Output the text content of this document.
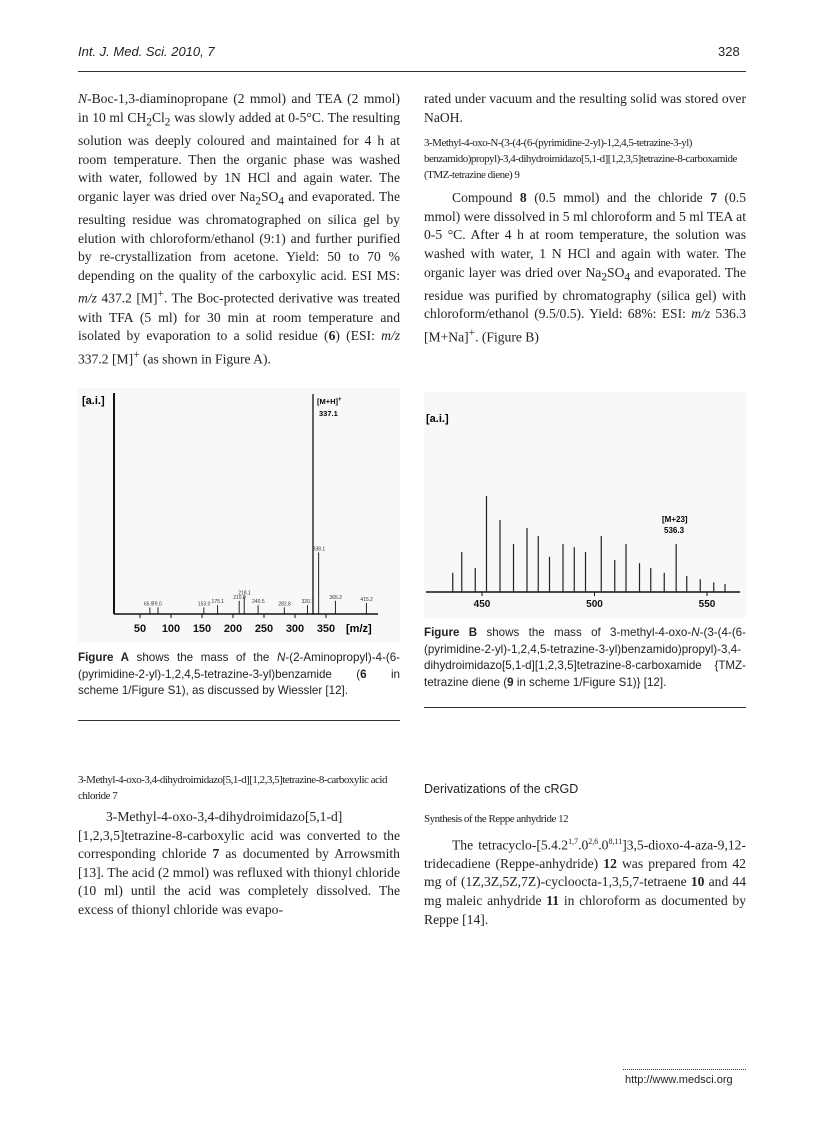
Int. J. Med. Sci. 2010, 7	328

N-Boc-1,3-diaminopropane (2 mmol) and TEA (2 mmol) in 10 ml $CH_2Cl_2$ was slowly added at 0-5°C. The resulting solution was deeply coloured and maintained for 4 h at room temperature. Then the organic phase was washed with water, followed by 1N HCl and again water. The organic layer was dried over $Na_2SO_4$ and evaporated. The resulting residue was chromatographed on silica gel by elution with chloroform/ethanol (9:1) and further purified by re-crystallization from acetone. Yield: 50 to 70 % depending on the quality of the carboxylic acid. ESI MS: m/z 437.2 [M]+. The Boc-protected derivative was treated with TFA (5 ml) for 30 min at room temperature and isolated by evaporation to a solid residue (6) (ESI: m/z 337.2 [M]+ (as shown in Figure A).

rated under vacuum and the resulting solid was stored over NaOH.

3-Methyl-4-oxo-N-(3-(4-(6-(pyrimidine-2-yl)-1,2,4,5-tetrazine-3-yl) benzamido)propyl)-3,4-dihydroimidazo[5,1-d][1,2,3,5]tetrazine-8-carboxamide (TMZ-tetrazine diene) 9

Compound 8 (0.5 mmol) and the chloride 7 (0.5 mmol) were dissolved in 5 ml chloroform and 5 ml TEA at 0-5 °C. After 4 h at room temperature, the solution was washed with water, 1 N HCl and again with water. The organic layer was dried over $Na_2SO_4$ and evaporated. The residue was purified by chromatography (silica gel) with chloroform/ethanol (9.5/0.5). Yield: 68%: ESI: m/z 536.3 [M+Na]+. (Figure B)

[a.i.]
[m/z]
[M+H]+
337.1
65.9
79.0	153.0 175.1
210.0
218.1
240.5	282.8 320.1
338.1
365.2	415.2
50 100 150 200 250 300 350
Figure A shows the mass of the N-(2-Aminopropyl)-4-(6-(pyrimidine-2-yl)-1,2,4,5-tetrazine-3-yl)benzamide (6 in scheme 1/Figure S1), as discussed by Wiessler [12].
[a.i.]
[M+23]
536.3
450	500	550
Figure B shows the mass of 3-methyl-4-oxo-N-(3-(4-(6-(pyrimidine-2-yl)-1,2,4,5-tetrazine-3-yl)benzamido)propyl)-3,4-dihydroimidazo[5,1-d][1,2,3,5]tetrazine-8-carboxamide {TMZ-tetrazine diene (9 in scheme 1/Figure S1)} [12].

3-Methyl-4-oxo-3,4-dihydroimidazo[5,1-d][1,2,3,5]tetrazine-8-carboxylic acid chloride 7

3-Methyl-4-oxo-3,4-dihydroimidazo[5,1-d][1,2,3,5]tetrazine-8-carboxylic acid was converted to the corresponding chloride 7 as documented by Arrowsmith [13]. The acid (2 mmol) was refluxed with thionyl chloride (10 ml) until the acid was completely dissolved. The excess of thionyl chloride was evapo-

Derivatizations of the cRGD

Synthesis of the Reppe anhydride 12

The tetracyclo-[5.4.2$^{1,7}$.0$^{2,6}$.0$^{8,11}$]3,5-dioxo-4-aza-9,12-tridecadiene (Reppe-anhydride) 12 was prepared from 42 mg of (1Z,3Z,5Z,7Z)-cycloocta-1,3,5,7-tetraene 10 and 44 mg maleic anhydride 11 in chloroform as documented by Reppe [14].

http://www.medsci.org
